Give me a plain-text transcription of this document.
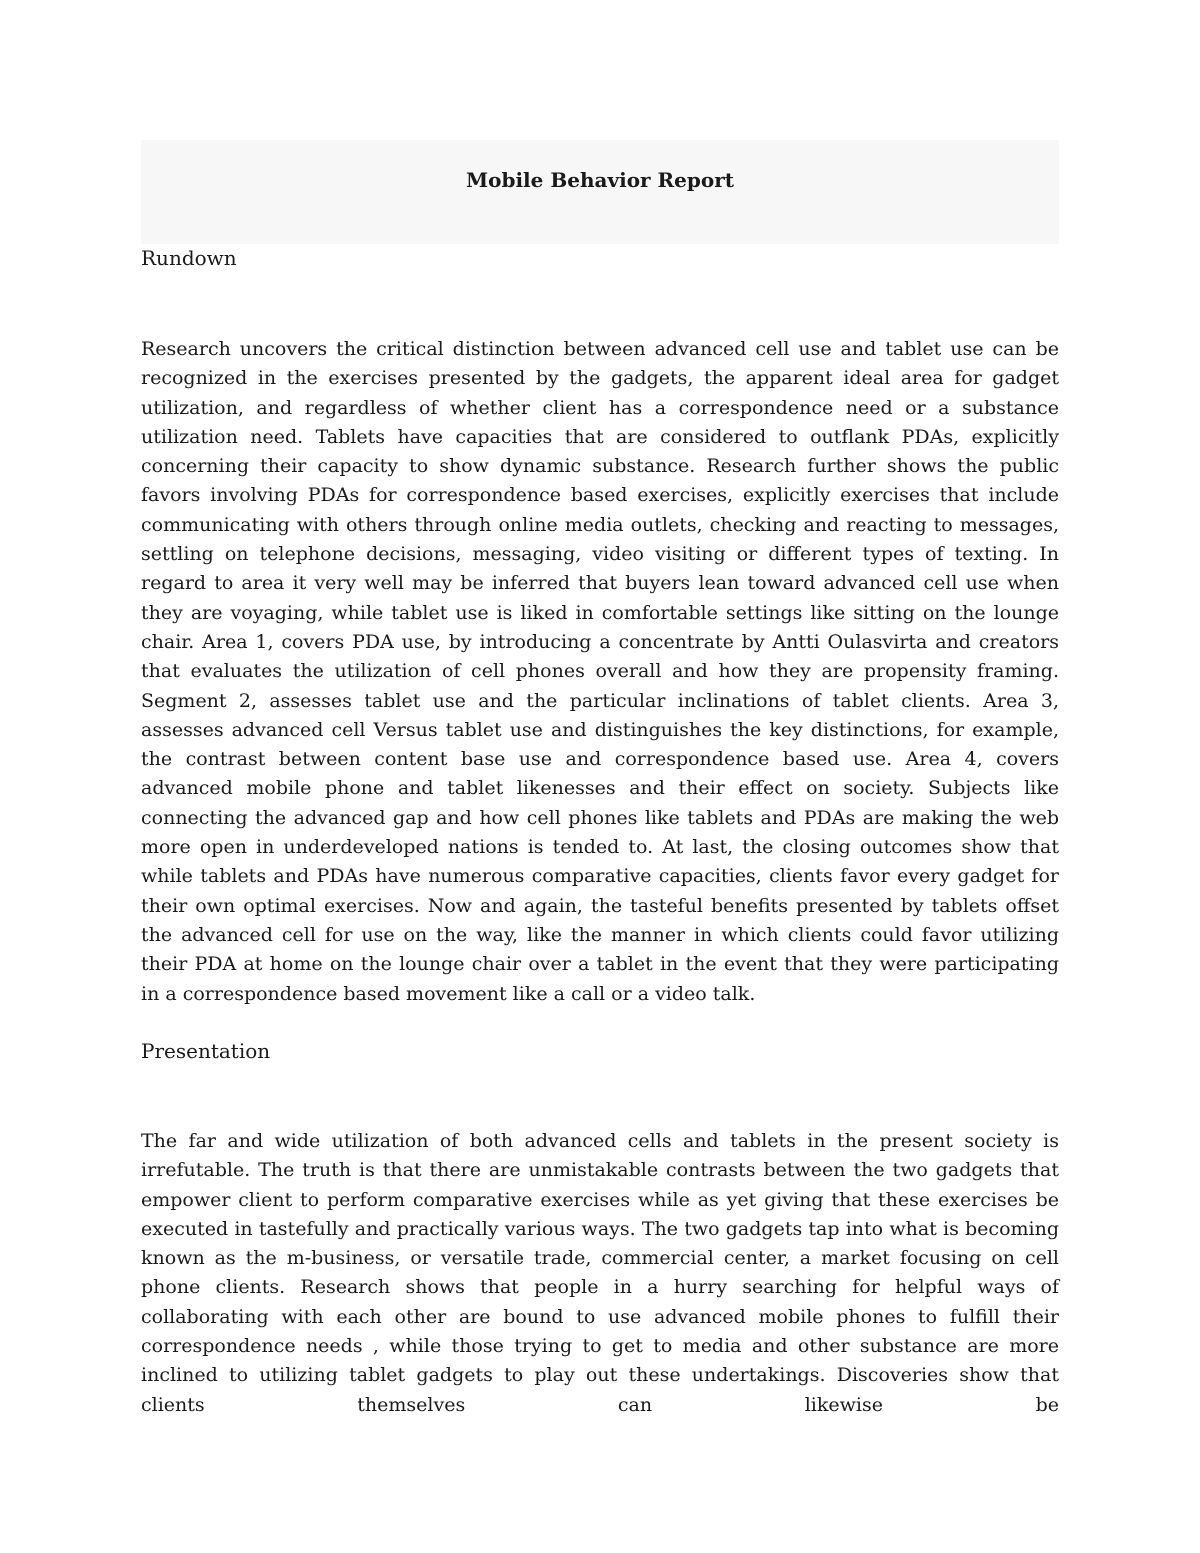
Mobile Behavior Report
Rundown

Research uncovers the critical distinction between advanced cell use and tablet use can be recognized in the exercises presented by the gadgets, the apparent ideal area for gadget utilization, and regardless of whether client has a correspondence need or a substance utilization need. Tablets have capacities that are considered to outflank PDAs, explicitly concerning their capacity to show dynamic substance. Research further shows the public favors involving PDAs for correspondence based exercises, explicitly exercises that include communicating with others through online media outlets, checking and reacting to messages, settling on telephone decisions, messaging, video visiting or different types of texting. In regard to area it very well may be inferred that buyers lean toward advanced cell use when they are voyaging, while tablet use is liked in comfortable settings like sitting on the lounge chair. Area 1, covers PDA use, by introducing a concentrate by Antti Oulasvirta and creators that evaluates the utilization of cell phones overall and how they are propensity framing. Segment 2, assesses tablet use and the particular inclinations of tablet clients. Area 3, assesses advanced cell Versus tablet use and distinguishes the key distinctions, for example, the contrast between content base use and correspondence based use. Area 4, covers advanced mobile phone and tablet likenesses and their effect on society. Subjects like connecting the advanced gap and how cell phones like tablets and PDAs are making the web more open in underdeveloped nations is tended to. At last, the closing outcomes show that while tablets and PDAs have numerous comparative capacities, clients favor every gadget for their own optimal exercises. Now and again, the tasteful benefits presented by tablets offset the advanced cell for use on the way, like the manner in which clients could favor utilizing their PDA at home on the lounge chair over a tablet in the event that they were participating in a correspondence based movement like a call or a video talk.

Presentation

The far and wide utilization of both advanced cells and tablets in the present society is irrefutable. The truth is that there are unmistakable contrasts between the two gadgets that empower client to perform comparative exercises while as yet giving that these exercises be executed in tastefully and practically various ways. The two gadgets tap into what is becoming known as the m-business, or versatile trade, commercial center, a market focusing on cell phone clients. Research shows that people in a hurry searching for helpful ways of collaborating with each other are bound to use advanced mobile phones to fulfill their correspondence needs , while those trying to get to media and other substance are more inclined to utilizing tablet gadgets to play out these undertakings. Discoveries show that clients themselves can likewise be
